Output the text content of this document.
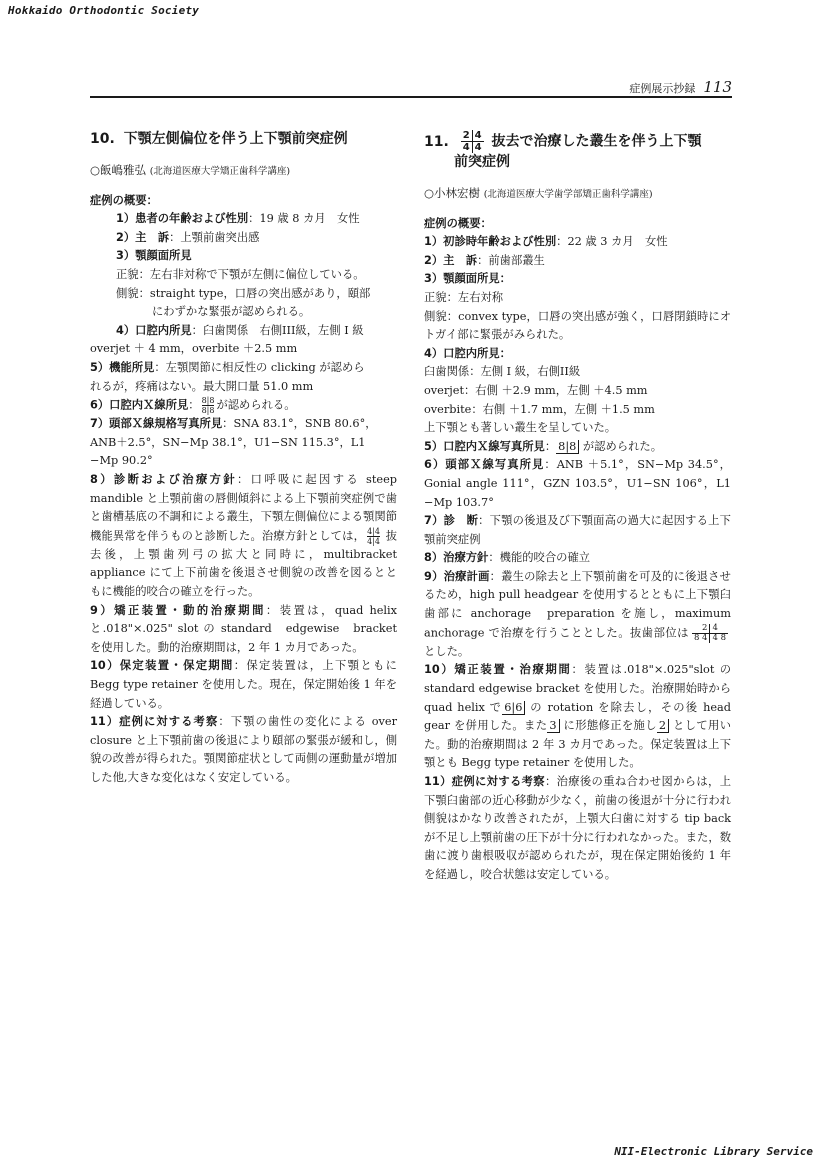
Hokkaido Orthodontic Society
症例展示抄録 113
10. 下顎左側偏位を伴う上下顎前突症例
○飯嶋雅弘 (北海道医療大学矯正歯科学講座)
症例の概要：

1）患者の年齢および性別：19 歳 8 カ月　女性

2）主　訴：上顎前歯突出感

3）顎顔面所見

正貌：左右非対称で下顎が左側に偏位している。

側貌：straight type，口唇の突出感があり，頤部

にわずかな緊張が認められる。

4）口腔内所見：臼歯関係　右側III級，左側 I 級

overjet ＋ 4 mm，overbite ＋2.5 mm

5）機能所見：左顎関節に相反性の clicking が認めら

れるが，疼痛はない。最大開口量 51.0 mm

6）口腔内Ｘ線所見： $\frac{8|8}{8|8}$ が認められる。

7）頭部Ｘ線規格写真所見：SNA 83.1°，SNB 80.6°，

ANB＋2.5°，SN−Mp 38.1°，U1−SN 115.3°，L1

−Mp 90.2°

8）診断および治療方針：口呼吸に起因する steep mandible と上顎前歯の唇側傾斜による上下顎前突症例で歯と歯槽基底の不調和による叢生，下顎左側偏位による顎関節機能異常を伴うものと診断した。治療方針としては， $\frac{4|4}{4|4}$ 抜去後，上顎歯列弓の拡大と同時に，multibracket appliance にて上下前歯を後退させ側貌の改善を図るとともに機能的咬合の確立を行った。

9）矯正装置・動的治療期間：装置は，quad helix と.018"×.025" slot の standard　edgewise　bracket を使用した。動的治療期間は，2 年 1 カ月であった。

10）保定装置・保定期間：保定装置は，上下顎ともに Begg type retainer を使用した。現在，保定開始後 1 年を経過している。

11）症例に対する考察：下顎の歯性の変化による over closure と上下顎前歯の後退により頤部の緊張が緩和し，側貌の改善が得られた。顎関節症状として両側の運動量が増加した他,大きな変化はなく安定している。

11. 2 4
4 4 抜去で治療した叢生を伴う上下顎
前突症例
○小林宏樹 (北海道医療大学歯学部矯正歯科学講座)
症例の概要：

1）初診時年齢および性別：22 歳 3 カ月　女性

2）主　訴：前歯部叢生

3）顎顔面所見：

正貌：左右対称

側貌：convex type，口唇の突出感が強く，口唇閉鎖時にオトガイ部に緊張がみられた。

4）口腔内所見：

臼歯関係：左側 I 級，右側II級

overjet：右側 ＋2.9 mm，左側 ＋4.5 mm

overbite：右側 ＋1.7 mm，左側 ＋1.5 mm

上下顎とも著しい叢生を呈していた。

5）口腔内Ｘ線写真所見： 8|8 が認められた。

6）頭部Ｘ線写真所見：ANB ＋5.1°，SN−Mp 34.5°，Gonial angle 111°，GZN 103.5°，U1−SN 106°，L1 −Mp 103.7°

7）診　断：下顎の後退及び下顎面高の過大に起因する上下顎前突症例

8）治療方針：機能的咬合の確立

9）治療計画：叢生の除去と上下顎前歯を可及的に後退させるため，high pull headgear を使用するとともに上下顎臼歯部に anchorage　preparation を施し，maximum anchorage で治療を行うこととした。抜歯部位は	2 4
8 4 4 8
とした。

10）矯正装置・治療期間：装置は.018"×.025"slot の standard edgewise bracket を使用した。治療開始時から quad helix で 6|6 の rotation を除去し，その後 head gear を併用した。また 3 に形態修正を施し 2 として用いた。動的治療期間は 2 年 3 カ月であった。保定装置は上下顎とも Begg type retainer を使用した。

11）症例に対する考察：治療後の重ね合わせ図からは，上下顎臼歯部の近心移動が少なく，前歯の後退が十分に行われ側貌はかなり改善されたが，上顎大臼歯に対する tip back が不足し上顎前歯の圧下が十分に行われなかった。また，数歯に渡り歯根吸収が認められたが，現在保定開始後約 1 年を経過し，咬合状態は安定している。

NII-Electronic Library Service
